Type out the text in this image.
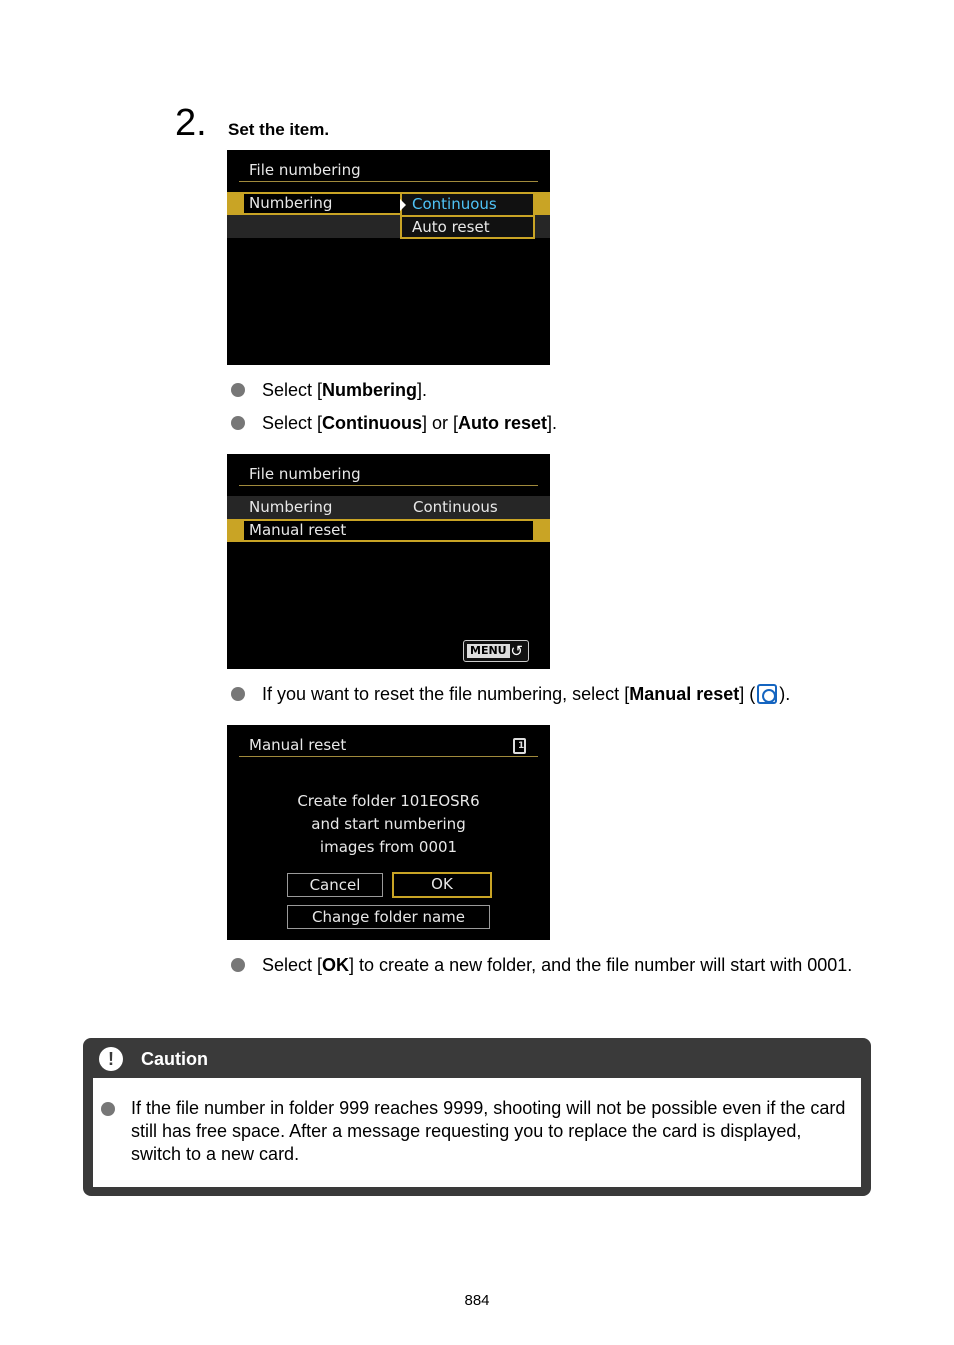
2. Set the item.
File numbering
Numbering	Continuous
Auto reset
Select [Numbering].
Select [Continuous] or [Auto reset].
File numbering
Numbering	Continuous
Manual reset
MENU ↺
If you want to reset the file numbering, select [Manual reset] ( ).
Manual reset	1
Create folder 101EOSR6
and start numbering
images from 0001
Cancel	OK
Change folder name
Select [OK] to create a new folder, and the file number will start with 0001.
!	Caution
If the file number in folder 999 reaches 9999, shooting will not be possible even if the card still has free space. After a message requesting you to replace the card is displayed, switch to a new card.
884
